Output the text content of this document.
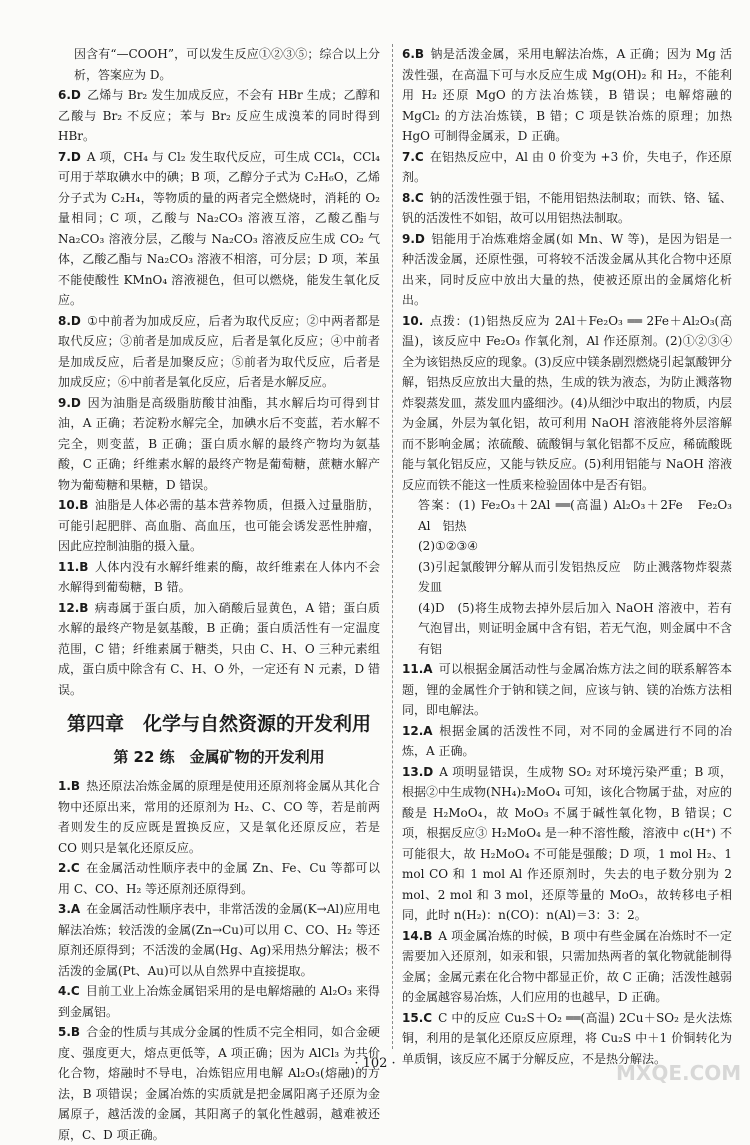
因含有“—COOH”，可以发生反应①②③⑤；综合以上分析，答案应为 D。

6.D 乙烯与 Br₂ 发生加成反应，不会有 HBr 生成；乙醇和乙酸与 Br₂ 不反应；苯与 Br₂ 反应生成溴苯的同时得到 HBr。

7.D A 项，CH₄ 与 Cl₂ 发生取代反应，可生成 CCl₄，CCl₄ 可用于萃取碘水中的碘；B 项，乙醇分子式为 C₂H₆O，乙烯分子式为 C₂H₄，等物质的量的两者完全燃烧时，消耗的 O₂ 量相同；C 项，乙酸与 Na₂CO₃ 溶液互溶，乙酸乙酯与 Na₂CO₃ 溶液分层，乙酸与 Na₂CO₃ 溶液反应生成 CO₂ 气体，乙酸乙酯与 Na₂CO₃ 溶液不相溶，可分层；D 项，苯虽不能使酸性 KMnO₄ 溶液褪色，但可以燃烧，能发生氧化反应。

8.D ①中前者为加成反应，后者为取代反应；②中两者都是取代反应；③前者是加成反应，后者是氧化反应；④中前者是加成反应，后者是加聚反应；⑤前者为取代反应，后者是加成反应；⑥中前者是氧化反应，后者是水解反应。

9.D 因为油脂是高级脂肪酸甘油酯，其水解后均可得到甘油，A 正确；若淀粉水解完全，加碘水后不变蓝，若水解不完全，则变蓝，B 正确；蛋白质水解的最终产物均为氨基酸，C 正确；纤维素水解的最终产物是葡萄糖，蔗糖水解产物为葡萄糖和果糖，D 错误。

10.B 油脂是人体必需的基本营养物质，但摄入过量脂肪，可能引起肥胖、高血脂、高血压，也可能会诱发恶性肿瘤，因此应控制油脂的摄入量。

11.B 人体内没有水解纤维素的酶，故纤维素在人体内不会水解得到葡萄糖，B 错。

12.B 病毒属于蛋白质，加入硝酸后显黄色，A 错；蛋白质水解的最终产物是氨基酸，B 正确；蛋白质活性有一定温度范围，C 错；纤维素属于糖类，只由 C、H、O 三种元素组成，蛋白质中除含有 C、H、O 外，一定还有 N 元素，D 错误。

第四章　化学与自然资源的开发利用
第 22 练　金属矿物的开发利用

1.B 热还原法冶炼金属的原理是使用还原剂将金属从其化合物中还原出来，常用的还原剂为 H₂、C、CO 等，若是前两者则发生的反应既是置换反应，又是氧化还原反应，若是 CO 则只是氧化还原反应。

2.C 在金属活动性顺序表中的金属 Zn、Fe、Cu 等都可以用 C、CO、H₂ 等还原剂还原得到。

3.A 在金属活动性顺序表中，非常活泼的金属(K→Al)应用电解法冶炼；较活泼的金属(Zn→Cu)可以用 C、CO、H₂ 等还原剂还原得到；不活泼的金属(Hg、Ag)采用热分解法；极不活泼的金属(Pt、Au)可以从自然界中直接提取。

4.C 目前工业上冶炼金属铝采用的是电解熔融的 Al₂O₃ 来得到金属铝。

5.B 合金的性质与其成分金属的性质不完全相同，如合金硬度、强度更大，熔点更低等，A 项正确；因为 AlCl₃ 为共价化合物，熔融时不导电，冶炼铝应用电解 Al₂O₃(熔融)的方法，B 项错误；金属冶炼的实质就是把金属阳离子还原为金属原子，越活泼的金属，其阳离子的氧化性越弱，越难被还原，C、D 项正确。

6.B 钠是活泼金属，采用电解法冶炼，A 正确；因为 Mg 活泼性强，在高温下可与水反应生成 Mg(OH)₂ 和 H₂，不能利用 H₂ 还原 MgO 的方法冶炼镁，B 错误；电解熔融的 MgCl₂ 的方法冶炼镁，B 错；C 项是铁冶炼的原理；加热 HgO 可制得金属汞，D 正确。

7.C 在铝热反应中，Al 由 0 价变为 +3 价，失电子，作还原剂。

8.C 钠的活泼性强于铝，不能用铝热法制取；而铁、铬、锰、钒的活泼性不如铝，故可以用铝热法制取。

9.D 铝能用于冶炼难熔金属(如 Mn、W 等)，是因为铝是一种活泼金属，还原性强，可将较不活泼金属从其化合物中还原出来，同时反应中放出大量的热，使被还原出的金属熔化析出。

10. 点拨：(1)铝热反应为 2Al＋Fe₂O₃ ══ 2Fe＋Al₂O₃(高温)，该反应中 Fe₂O₃ 作氧化剂，Al 作还原剂。(2)①②③④全为该铝热反应的现象。(3)反应中镁条剧烈燃烧引起氯酸钾分解，铝热反应放出大量的热，生成的铁为液态，为防止溅落物炸裂蒸发皿，蒸发皿内盛细沙。(4)从细沙中取出的物质，内层为金属，外层为氧化铝，故可利用 NaOH 溶液能将外层溶解而不影响金属；浓硫酸、硫酸铜与氧化铝都不反应，稀硫酸既能与氧化铝反应，又能与铁反应。(5)利用铝能与 NaOH 溶液反应而铁不能这一性质来检验固体中是否有铝。

答案：(1) Fe₂O₃＋2Al ══(高温) Al₂O₃＋2Fe　Fe₂O₃　Al　铝热

(2)①②③④

(3)引起氯酸钾分解从而引发铝热反应　防止溅落物炸裂蒸发皿

(4)D　(5)将生成物去掉外层后加入 NaOH 溶液中，若有气泡冒出，则证明金属中含有铝，若无气泡，则金属中不含有铝

11.A 可以根据金属活动性与金属冶炼方法之间的联系解答本题，锂的金属性介于钠和镁之间，应该与钠、镁的冶炼方法相同，即电解法。

12.A 根据金属的活泼性不同，对不同的金属进行不同的冶炼，A 正确。

13.D A 项明显错误，生成物 SO₂ 对环境污染严重；B 项，根据②中生成物(NH₄)₂MoO₄ 可知，该化合物属于盐，对应的酸是 H₂MoO₄，故 MoO₃ 不属于碱性氧化物，B 错误；C 项，根据反应③ H₂MoO₄ 是一种不溶性酸，溶液中 c(H⁺) 不可能很大，故 H₂MoO₄ 不可能是强酸；D 项，1 mol H₂、1 mol CO 和 1 mol Al 作还原剂时，失去的电子数分别为 2 mol、2 mol 和 3 mol，还原等量的 MoO₃，故转移电子相同，此时 n(H₂)：n(CO)：n(Al)＝3：3：2。

14.B A 项金属冶炼的时候，B 项中有些金属在冶炼时不一定需要加入还原剂，如汞和银，只需加热两者的氧化物就能制得金属；金属元素在化合物中都显正价，故 C 正确；活泼性越弱的金属越容易冶炼，人们应用的也越早，D 正确。

15.C C 中的反应 Cu₂S＋O₂ ══(高温) 2Cu＋SO₂ 是火法炼铜，利用的是氧化还原反应原理，将 Cu₂S 中＋1 价铜转化为单质铜，该反应不属于分解反应，不是热分解法。

· 102 ·	MXQE.COM
